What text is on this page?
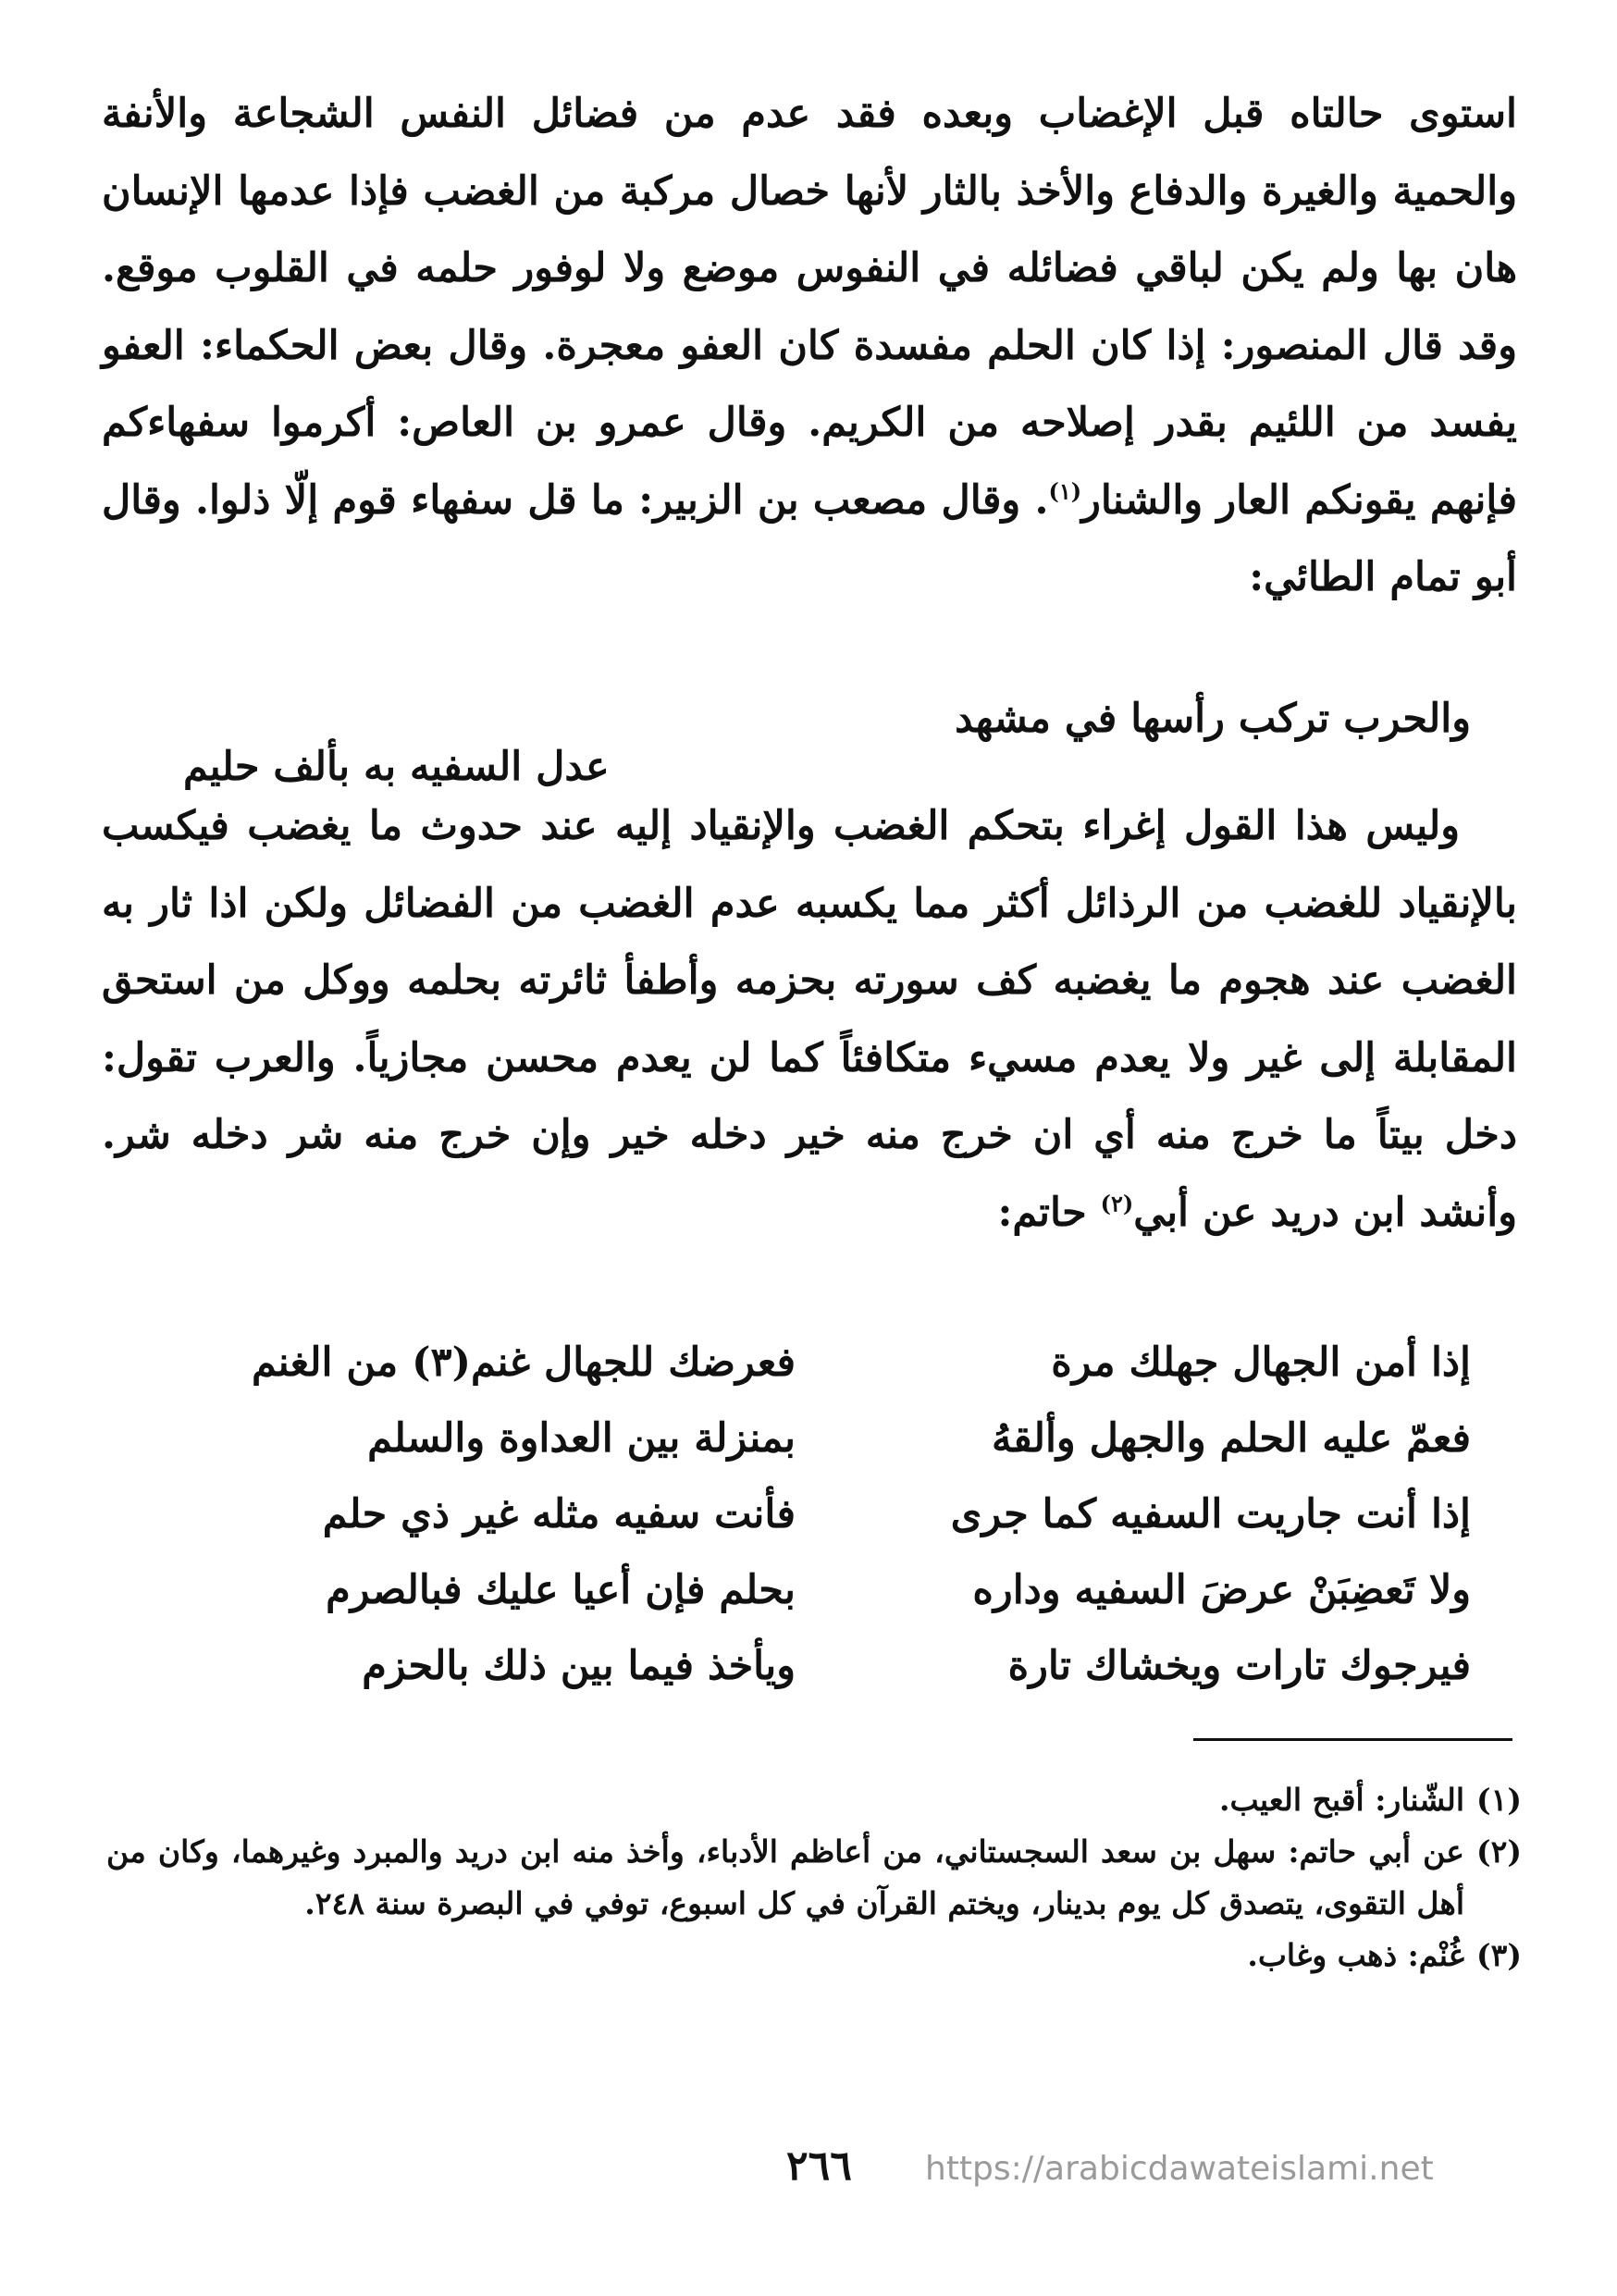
استوى حالتاه قبل الإغضاب وبعده فقد عدم من فضائل النفس الشجاعة والأنفة والحمية والغيرة والدفاع والأخذ بالثار لأنها خصال مركبة من الغضب فإذا عدمها الإنسان هان بها ولم يكن لباقي فضائله في النفوس موضع ولا لوفور حلمه في القلوب موقع. وقد قال المنصور: إذا كان الحلم مفسدة كان العفو معجرة. وقال بعض الحكماء: العفو يفسد من اللئيم بقدر إصلاحه من الكريم. وقال عمرو بن العاص: أكرموا سفهاءكم فإنهم يقونكم العار والشنار$^{(١)}$. وقال مصعب بن الزبير: ما قل سفهاء قوم إلّا ذلوا. وقال أبو تمام الطائي:

والحرب تركب رأسها في مشهد
عدل السفيه به بألف حليم

وليس هذا القول إغراء بتحكم الغضب والإنقياد إليه عند حدوث ما يغضب فيكسب بالإنقياد للغضب من الرذائل أكثر مما يكسبه عدم الغضب من الفضائل ولكن اذا ثار به الغضب عند هجوم ما يغضبه كف سورته بحزمه وأطفأ ثائرته بحلمه ووكل من استحق المقابلة إلى غير ولا يعدم مسيء متكافئاً كما لن يعدم محسن مجازياً. والعرب تقول: دخل بيتاً ما خرج منه أي ان خرج منه خير دخله خير وإن خرج منه شر دخله شر. وأنشد ابن دريد عن أبي$^{(٢)}$ حاتم:

إذا أمن الجهال جهلك مرة
فعرضك للجهال غنم(٣) من الغنم
فعمّ عليه الحلم والجهل وألقهُ
بمنزلة بين العداوة والسلم
إذا أنت جاريت السفيه كما جرى
فأنت سفيه مثله غير ذي حلم
ولا تَعضِبَنْ عرضَ السفيه وداره
بحلم فإن أعيا عليك فبالصرم
فيرجوك تارات ويخشاك تارة
ويأخذ فيما بين ذلك بالحزم

(١)الشّنار: أقبح العيب.

(٢)عن أبي حاتم: سهل بن سعد السجستاني، من أعاظم الأدباء، وأخذ منه ابن دريد والمبرد وغيرهما، وكان من أهل التقوى، يتصدق كل يوم بدينار، ويختم القرآن في كل اسبوع، توفي في البصرة سنة ٢٤٨.

(٣)غُنْم: ذهب وغاب.

٢٦٦ https://arabicdawateislami.net
